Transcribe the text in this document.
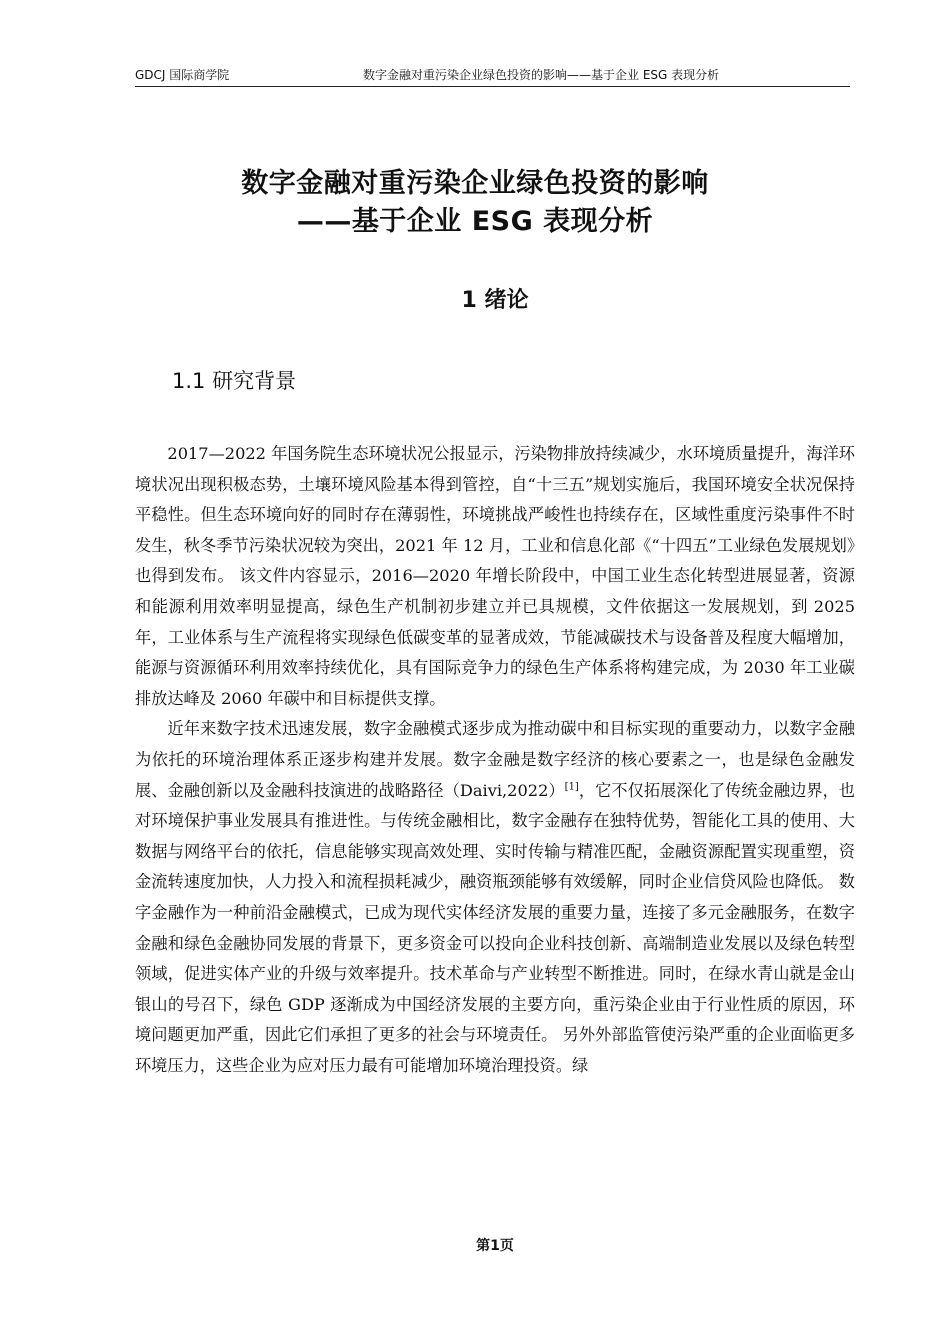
GDCJ 国际商学院	数字金融对重污染企业绿色投资的影响——基于企业 ESG 表现分析
数字金融对重污染企业绿色投资的影响
——基于企业 ESG 表现分析
1 绪论
1.1 研究背景

2017—2022 年国务院生态环境状况公报显示，污染物排放持续减少，水环境质量提升，海洋环境状况出现积极态势，土壤环境风险基本得到管控，自“十三五”规划实施后，我国环境安全状况保持平稳性。但生态环境向好的同时存在薄弱性，环境挑战严峻性也持续存在，区域性重度污染事件不时发生，秋冬季节污染状况较为突出，2021 年 12 月，工业和信息化部《“十四五”工业绿色发展规划》也得到发布。 该文件内容显示，2016—2020 年增长阶段中，中国工业生态化转型进展显著，资源和能源利用效率明显提高，绿色生产机制初步建立并已具规模，文件依据这一发展规划，到 2025 年，工业体系与生产流程将实现绿色低碳变革的显著成效，节能减碳技术与设备普及程度大幅增加，能源与资源循环利用效率持续优化，具有国际竞争力的绿色生产体系将构建完成，为 2030 年工业碳排放达峰及 2060 年碳中和目标提供支撑。

近年来数字技术迅速发展，数字金融模式逐步成为推动碳中和目标实现的重要动力，以数字金融为依托的环境治理体系正逐步构建并发展。数字金融是数字经济的核心要素之一，也是绿色金融发展、金融创新以及金融科技演进的战略路径（Daivi,2022）[1]，它不仅拓展深化了传统金融边界，也对环境保护事业发展具有推进性。与传统金融相比，数字金融存在独特优势，智能化工具的使用、大数据与网络平台的依托，信息能够实现高效处理、实时传输与精准匹配，金融资源配置实现重塑，资金流转速度加快，人力投入和流程损耗减少，融资瓶颈能够有效缓解，同时企业信贷风险也降低。 数字金融作为一种前沿金融模式，已成为现代实体经济发展的重要力量，连接了多元金融服务，在数字金融和绿色金融协同发展的背景下，更多资金可以投向企业科技创新、高端制造业发展以及绿色转型领域，促进实体产业的升级与效率提升。技术革命与产业转型不断推进。同时，在绿水青山就是金山银山的号召下，绿色 GDP 逐渐成为中国经济发展的主要方向，重污染企业由于行业性质的原因，环境问题更加严重，因此它们承担了更多的社会与环境责任。 另外外部监管使污染严重的企业面临更多环境压力，这些企业为应对压力最有可能增加环境治理投资。绿

第1页
